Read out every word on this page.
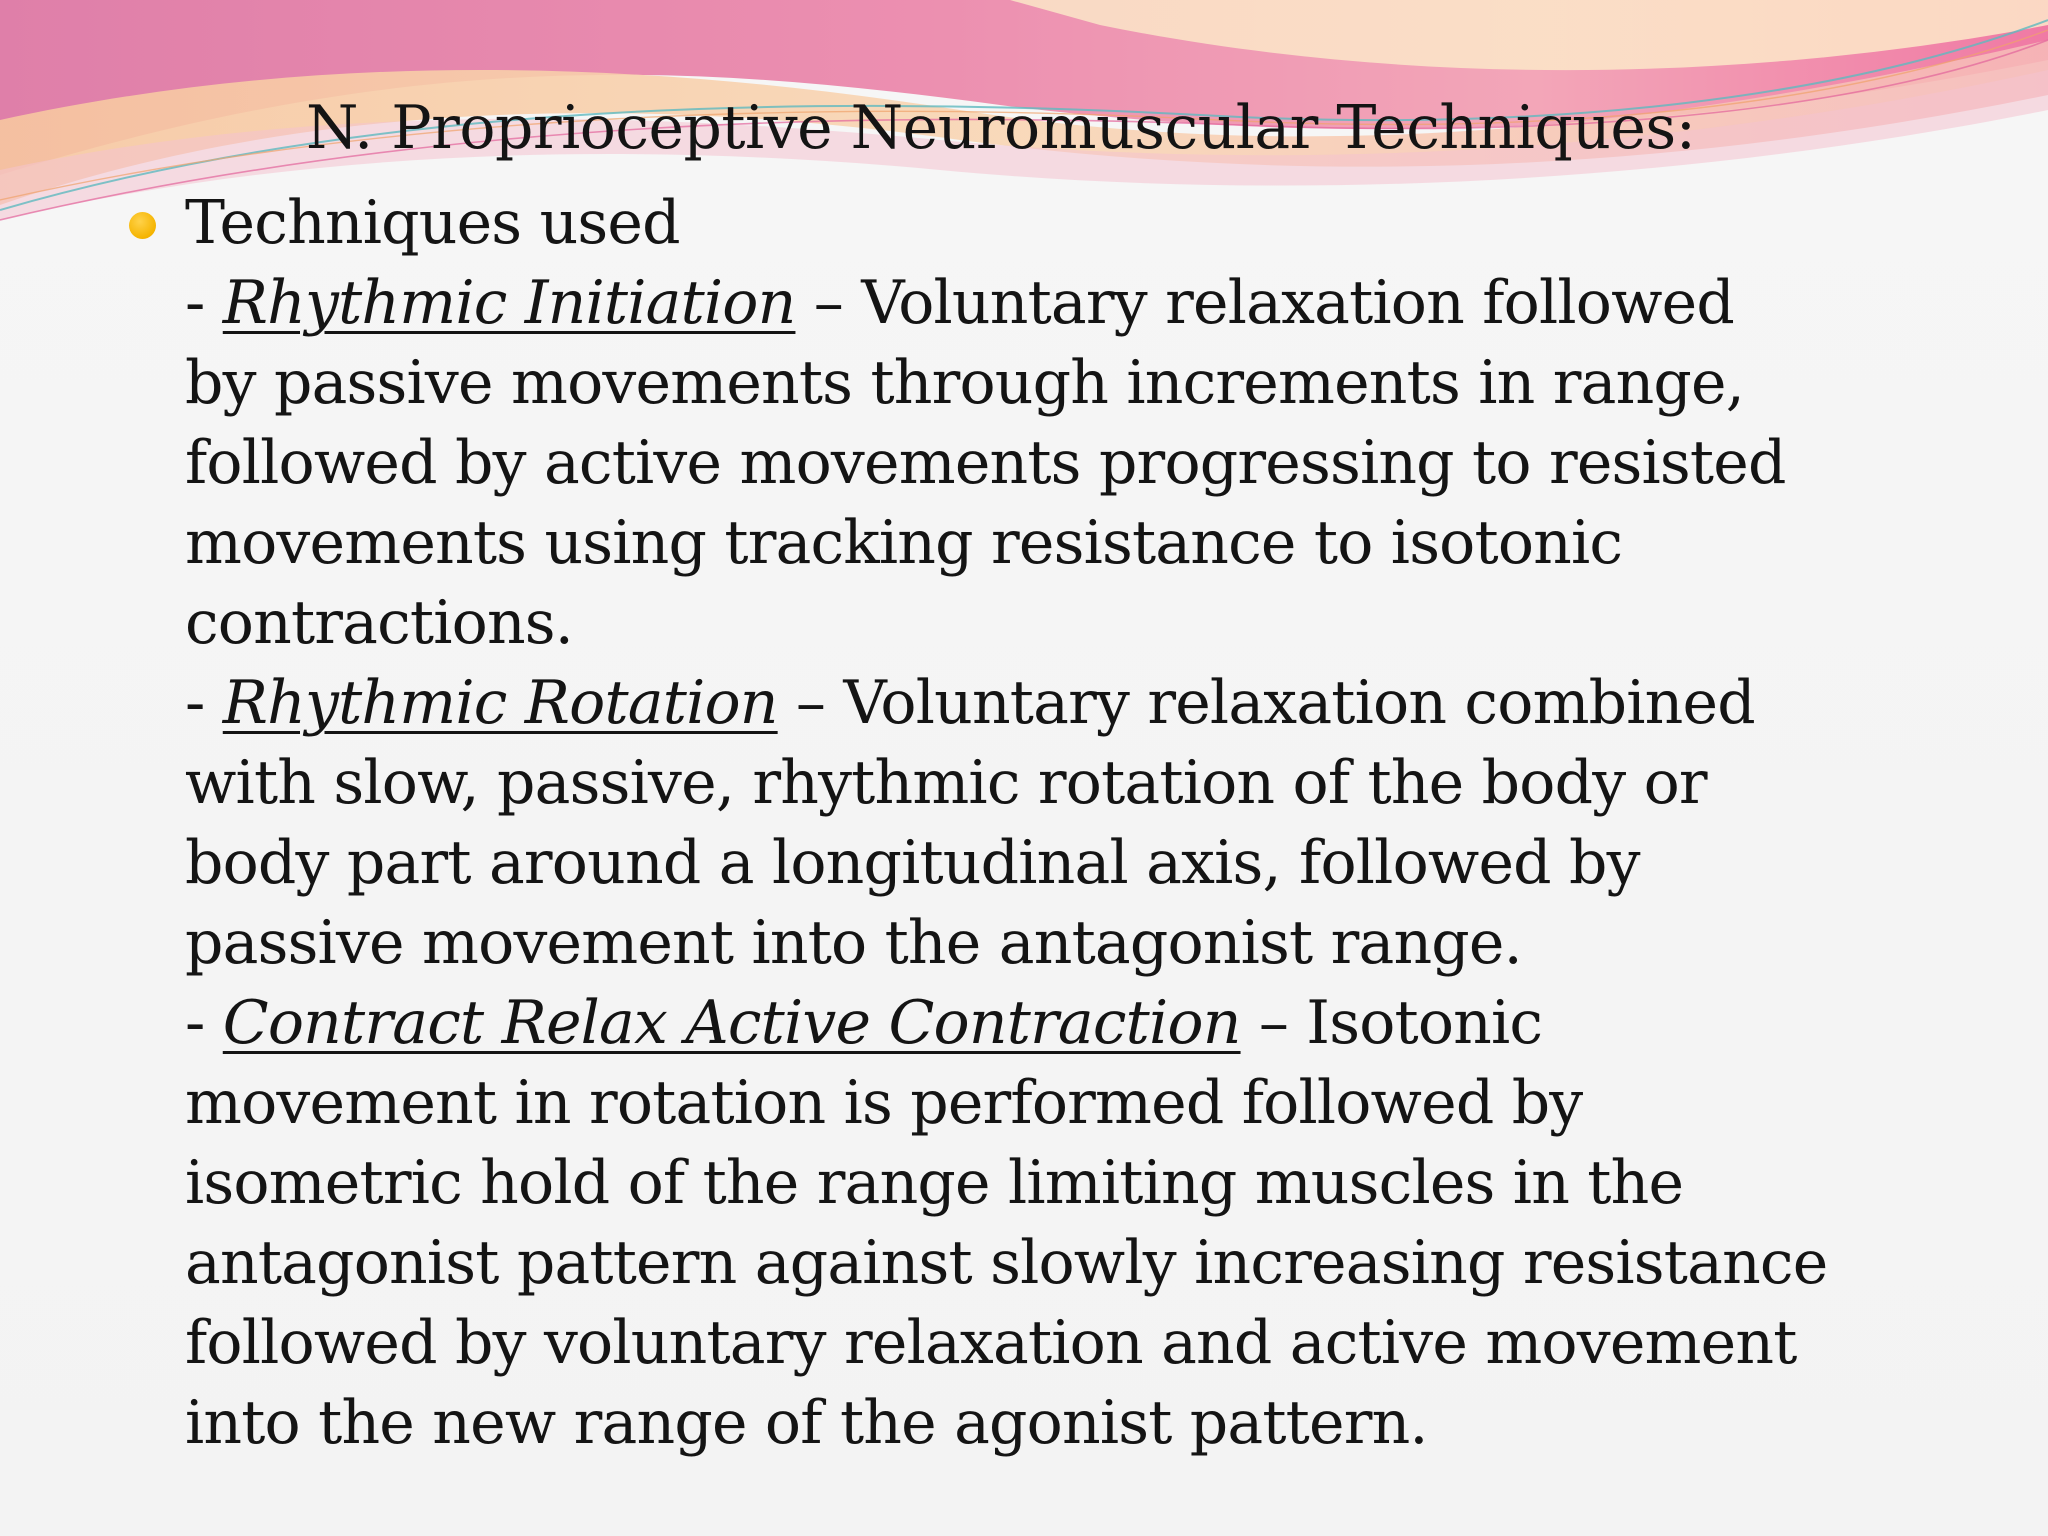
N. Proprioceptive Neuromuscular Techniques:
Techniques used
- Rhythmic Initiation – Voluntary relaxation followed
by passive movements through increments in range,
followed by active movements progressing to resisted
movements using tracking resistance to isotonic
contractions.
- Rhythmic Rotation – Voluntary relaxation combined
with slow, passive, rhythmic rotation of the body or
body part around a longitudinal axis, followed by
passive movement into the antagonist range.
- Contract Relax Active Contraction – Isotonic
movement in rotation is performed followed by
isometric hold of the range limiting muscles in the
antagonist pattern against slowly increasing resistance
followed by voluntary relaxation and active movement
into the new range of the agonist pattern.
